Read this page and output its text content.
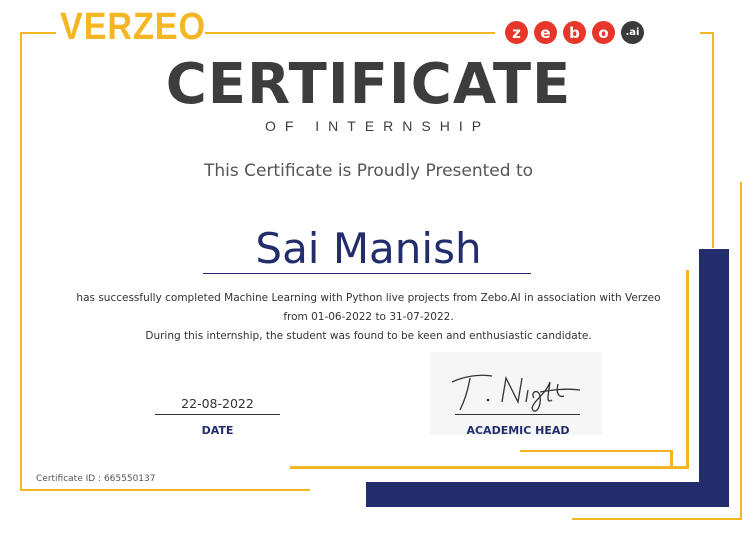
VERZEO	z	e	b	o	.ai
CERTIFICATE
OF INTERNSHIP
This Certificate is Proudly Presented to
Sai Manish
has successfully completed Machine Learning with Python live projects from Zebo.AI in association with Verzeo
from 01-06-2022 to 31-07-2022.
During this internship, the student was found to be keen and enthusiastic candidate.
22-08-2022
DATE	ACADEMIC HEAD
Certificate ID : 665550137
